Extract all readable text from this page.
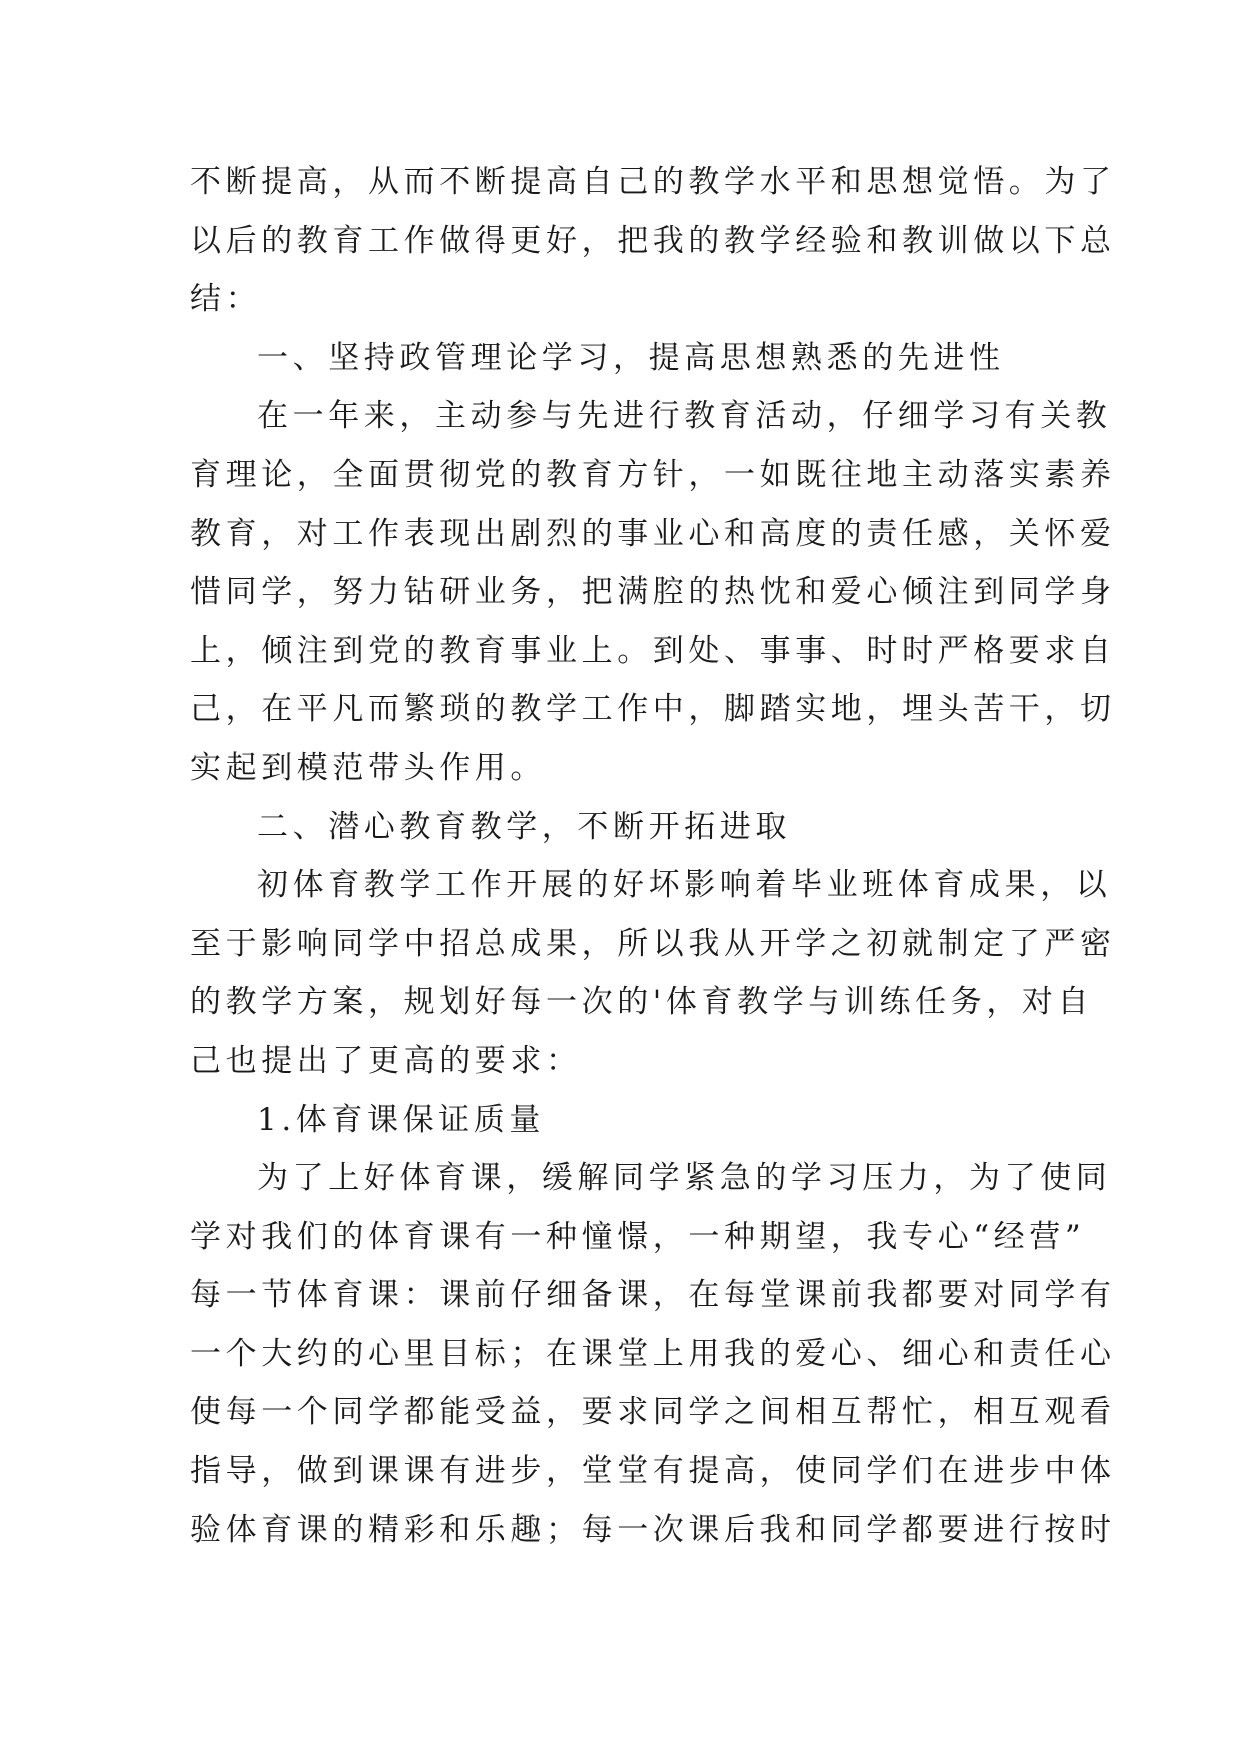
不断提高，从而不断提高自己的教学水平和思想觉悟。为了
以后的教育工作做得更好，把我的教学经验和教训做以下总
结：
一、坚持政管理论学习，提高思想熟悉的先进性
在一年来，主动参与先进行教育活动，仔细学习有关教
育理论，全面贯彻党的教育方针，一如既往地主动落实素养
教育，对工作表现出剧烈的事业心和高度的责任感，关怀爱
惜同学，努力钻研业务，把满腔的热忱和爱心倾注到同学身
上，倾注到党的教育事业上。到处、事事、时时严格要求自
己，在平凡而繁琐的教学工作中，脚踏实地，埋头苦干，切
实起到模范带头作用。
二、潜心教育教学，不断开拓进取
初体育教学工作开展的好坏影响着毕业班体育成果，以
至于影响同学中招总成果，所以我从开学之初就制定了严密
的教学方案，规划好每一次的'体育教学与训练任务，对自
己也提出了更高的要求：
1.体育课保证质量
为了上好体育课，缓解同学紧急的学习压力，为了使同
学对我们的体育课有一种憧憬，一种期望，我专心“经营”
每一节体育课：课前仔细备课，在每堂课前我都要对同学有
一个大约的心里目标；在课堂上用我的爱心、细心和责任心
使每一个同学都能受益，要求同学之间相互帮忙，相互观看
指导，做到课课有进步，堂堂有提高，使同学们在进步中体
验体育课的精彩和乐趣；每一次课后我和同学都要进行按时
